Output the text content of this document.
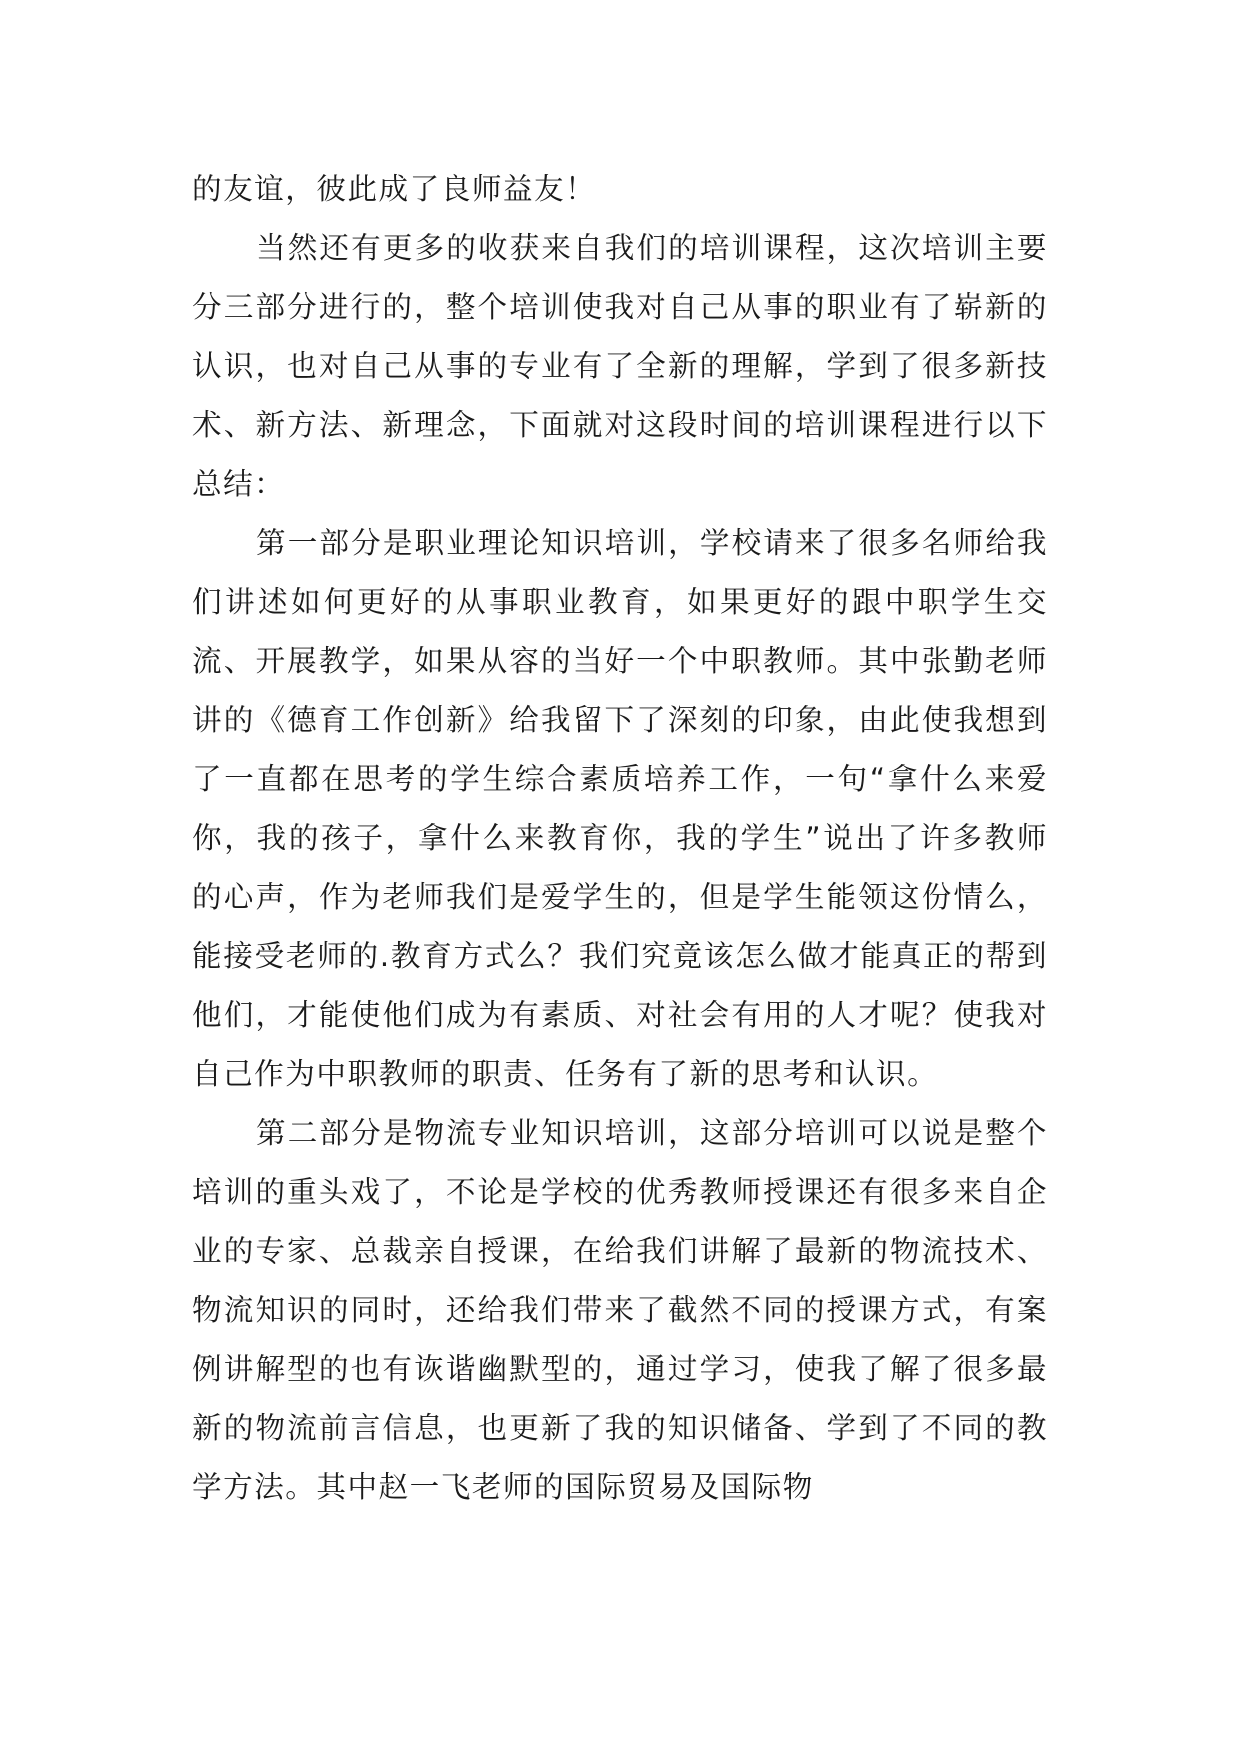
的友谊，彼此成了良师益友！

当然还有更多的收获来自我们的培训课程，这次培训主要分三部分进行的，整个培训使我对自己从事的职业有了崭新的认识，也对自己从事的专业有了全新的理解，学到了很多新技术、新方法、新理念，下面就对这段时间的培训课程进行以下总结：

第一部分是职业理论知识培训，学校请来了很多名师给我们讲述如何更好的从事职业教育，如果更好的跟中职学生交流、开展教学，如果从容的当好一个中职教师。其中张勤老师讲的《德育工作创新》给我留下了深刻的印象，由此使我想到了一直都在思考的学生综合素质培养工作，一句“拿什么来爱你，我的孩子，拿什么来教育你，我的学生”说出了许多教师的心声，作为老师我们是爱学生的，但是学生能领这份情么，能接受老师的.教育方式么？我们究竟该怎么做才能真正的帮到他们，才能使他们成为有素质、对社会有用的人才呢？使我对自己作为中职教师的职责、任务有了新的思考和认识。

第二部分是物流专业知识培训，这部分培训可以说是整个培训的重头戏了，不论是学校的优秀教师授课还有很多来自企业的专家、总裁亲自授课，在给我们讲解了最新的物流技术、物流知识的同时，还给我们带来了截然不同的授课方式，有案例讲解型的也有诙谐幽默型的，通过学习，使我了解了很多最新的物流前言信息，也更新了我的知识储备、学到了不同的教学方法。其中赵一飞老师的国际贸易及国际物
